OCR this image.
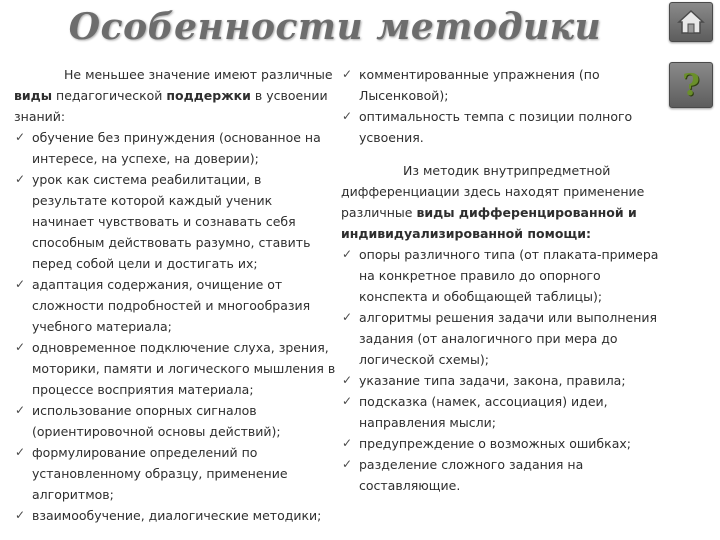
Особенности методики
?
Не меньшее значение имеют различные виды педагогической поддержки в усвоении знаний:
✓ обучение без принуждения (основанное на интересе, на успехе, на доверии);
✓ урок как система реабилитации, в результате которой каждый ученик начинает чувствовать и сознавать себя способным действовать разумно, ставить перед собой цели и достигать их;
✓ адаптация содержания, очищение от сложности подробностей и многообразия учебного материала;
✓ одновременное подключение слуха, зрения, моторики, памяти и логического мышления в процессе восприятия материала;
✓ использование опорных сигналов (ориентировочной основы действий);
✓ формулирование определений по установленному образцу, применение алгоритмов;
✓ взаимообучение, диалогические методики;
✓ комментированные упражнения (по Лысенковой);
✓ оптимальность темпа с позиции полного усвоения.
Из методик внутрипредметной дифференциации здесь находят применение различные виды дифференцированной и индивидуализированной помощи:
✓ опоры различного типа (от плаката-примера на конкретное правило до опорного конспекта и обобщающей таблицы);
✓ алгоритмы решения задачи или выполнения задания (от аналогичного при мера до логической схемы);
✓ указание типа задачи, закона, правила;
✓ подсказка (намек, ассоциация) идеи, направления мысли;
✓ предупреждение о возможных ошибках;
✓ разделение сложного задания на составляющие.
